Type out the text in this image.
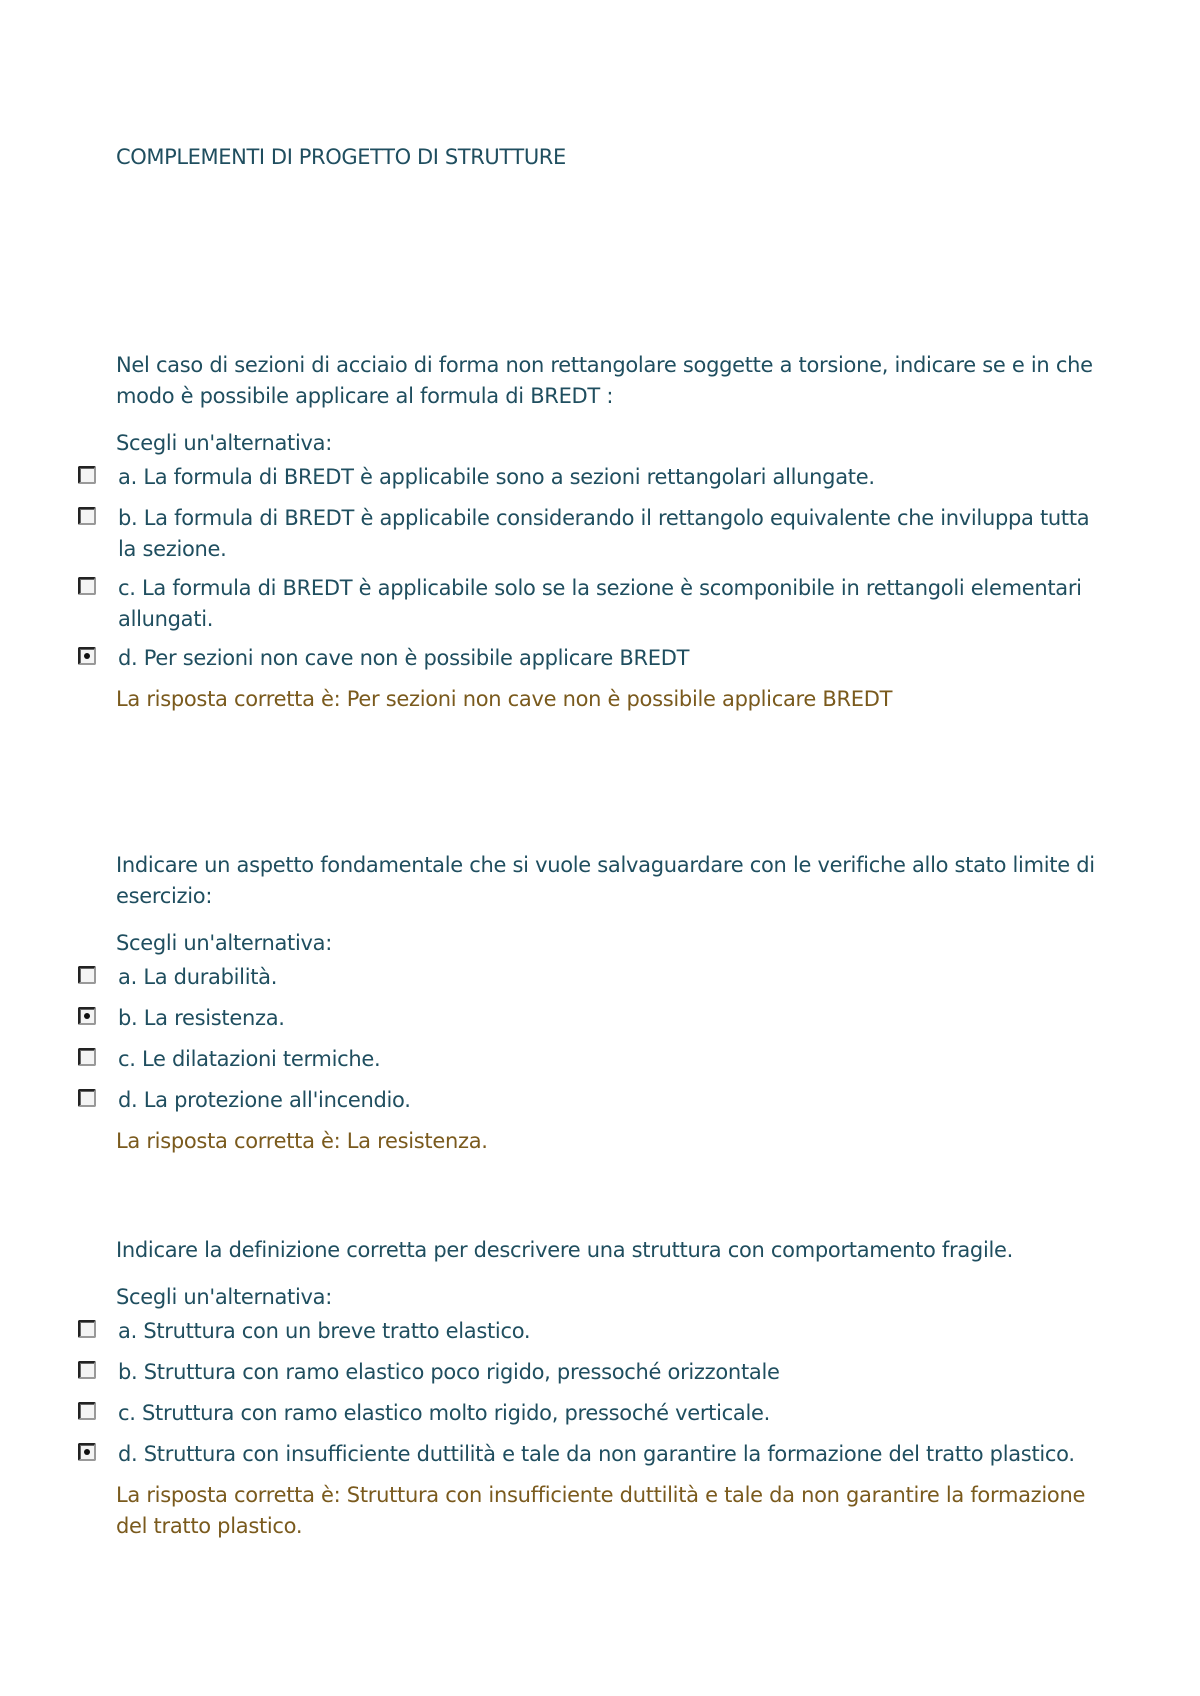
COMPLEMENTI DI PROGETTO DI STRUTTURE

Nel caso di sezioni di acciaio di forma non rettangolare soggette a torsione, indicare se e in che modo è possibile applicare al formula di BREDT :

Scegli un'alternativa:
a. La formula di BREDT è applicabile sono a sezioni rettangolari allungate.
b. La formula di BREDT è applicabile considerando il rettangolo equivalente che inviluppa tutta la sezione.
c. La formula di BREDT è applicabile solo se la sezione è scomponibile in rettangoli elementari allungati.
d. Per sezioni non cave non è possibile applicare BREDT
La risposta corretta è: Per sezioni non cave non è possibile applicare BREDT

Indicare un aspetto fondamentale che si vuole salvaguardare con le verifiche allo stato limite di esercizio:

Scegli un'alternativa:
a. La durabilità.
b. La resistenza.
c. Le dilatazioni termiche.
d. La protezione all'incendio.
La risposta corretta è: La resistenza.

Indicare la definizione corretta per descrivere una struttura con comportamento fragile.

Scegli un'alternativa:
a. Struttura con un breve tratto elastico.
b. Struttura con ramo elastico poco rigido, pressoché orizzontale
c. Struttura con ramo elastico molto rigido, pressoché verticale.
d. Struttura con insufficiente duttilità e tale da non garantire la formazione del tratto plastico.
La risposta corretta è: Struttura con insufficiente duttilità e tale da non garantire la formazione del tratto plastico.
